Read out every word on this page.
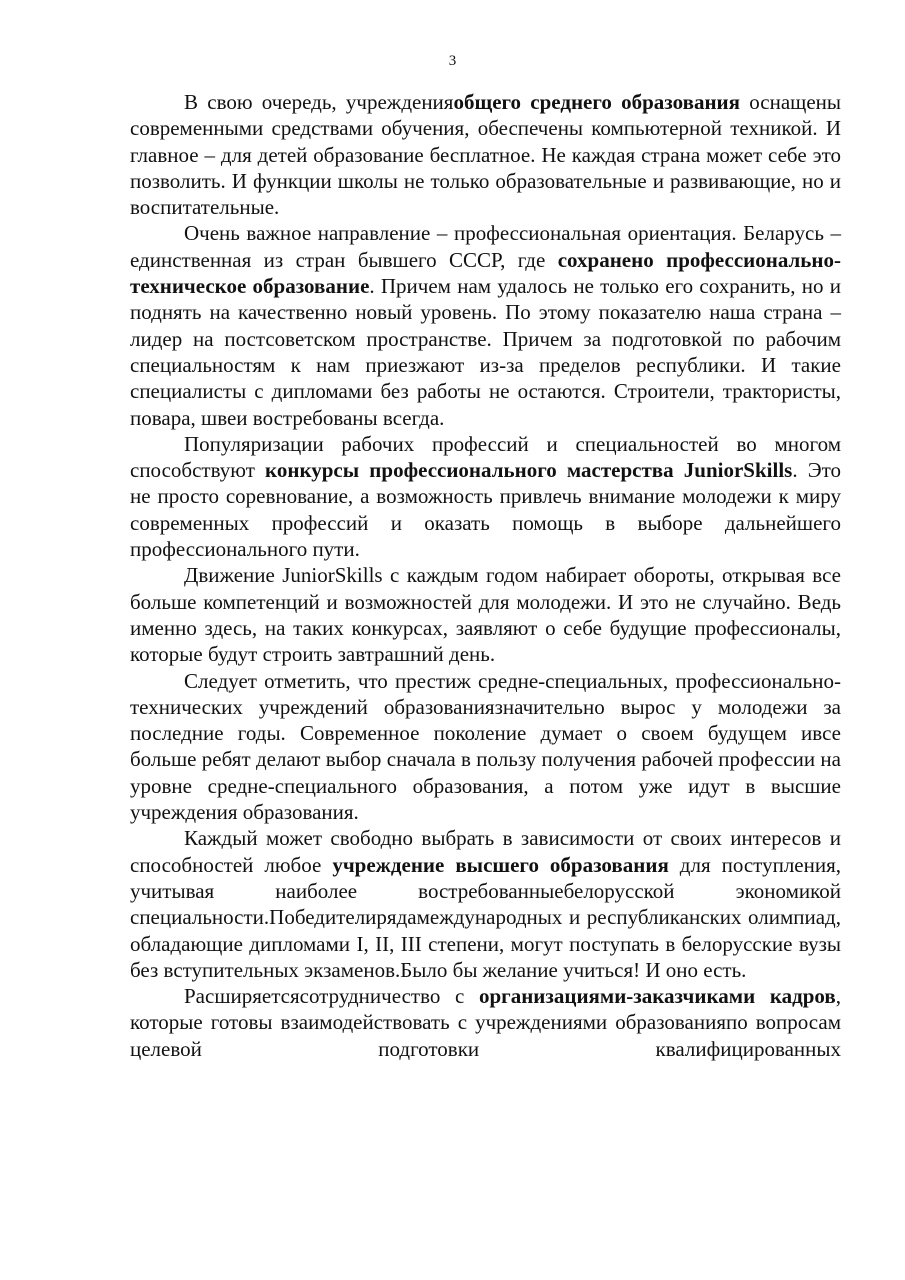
3

В свою очередь, учрежденияобщего среднего образования оснащены современными средствами обучения, обеспечены компьютерной техникой. И главное – для детей образование бесплатное. Не каждая страна может себе это позволить. И функции школы не только образовательные и развивающие, но и воспитательные.

Очень важное направление – профессиональная ориентация. Беларусь – единственная из стран бывшего СССР, где сохранено профессионально-техническое образование. Причем нам удалось не только его сохранить, но и поднять на качественно новый уровень. По этому показателю наша страна – лидер на постсоветском пространстве. Причем за подготовкой по рабочим специальностям к нам приезжают из-за пределов республики. И такие специалисты с дипломами без работы не остаются. Строители, трактористы, повара, швеи востребованы всегда.

Популяризации рабочих профессий и специальностей во многом способствуют конкурсы профессионального мастерства JuniorSkills. Это не просто соревнование, а возможность привлечь внимание молодежи к миру современных профессий и оказать помощь в выборе дальнейшего профессионального пути.

Движение JuniorSkills с каждым годом набирает обороты, открывая все больше компетенций и возможностей для молодежи. И это не случайно. Ведь именно здесь, на таких конкурсах, заявляют о себе будущие профессионалы, которые будут строить завтрашний день.

Следует отметить, что престиж средне-специальных, профессионально-технических учреждений образованиязначительно вырос у молодежи за последние годы. Современное поколение думает о своем будущем ивсе больше ребят делают выбор сначала в пользу получения рабочей профессии на уровне средне-специального образования, а потом уже идут в высшие учреждения образования.

Каждый может свободно выбрать в зависимости от своих интересов и способностей любое учреждение высшего образования для поступления, учитывая наиболее востребованныебелорусской экономикой специальности.Победителирядамеждународных и республиканских олимпиад, обладающие дипломами I, II, III степени, могут поступать в белорусские вузы без вступительных экзаменов.Было бы желание учиться! И оно есть.

Расширяетсясотрудничество с организациями-заказчиками кадров, которые готовы взаимодействовать с учреждениями образованияпо вопросам целевой подготовки квалифицированных
